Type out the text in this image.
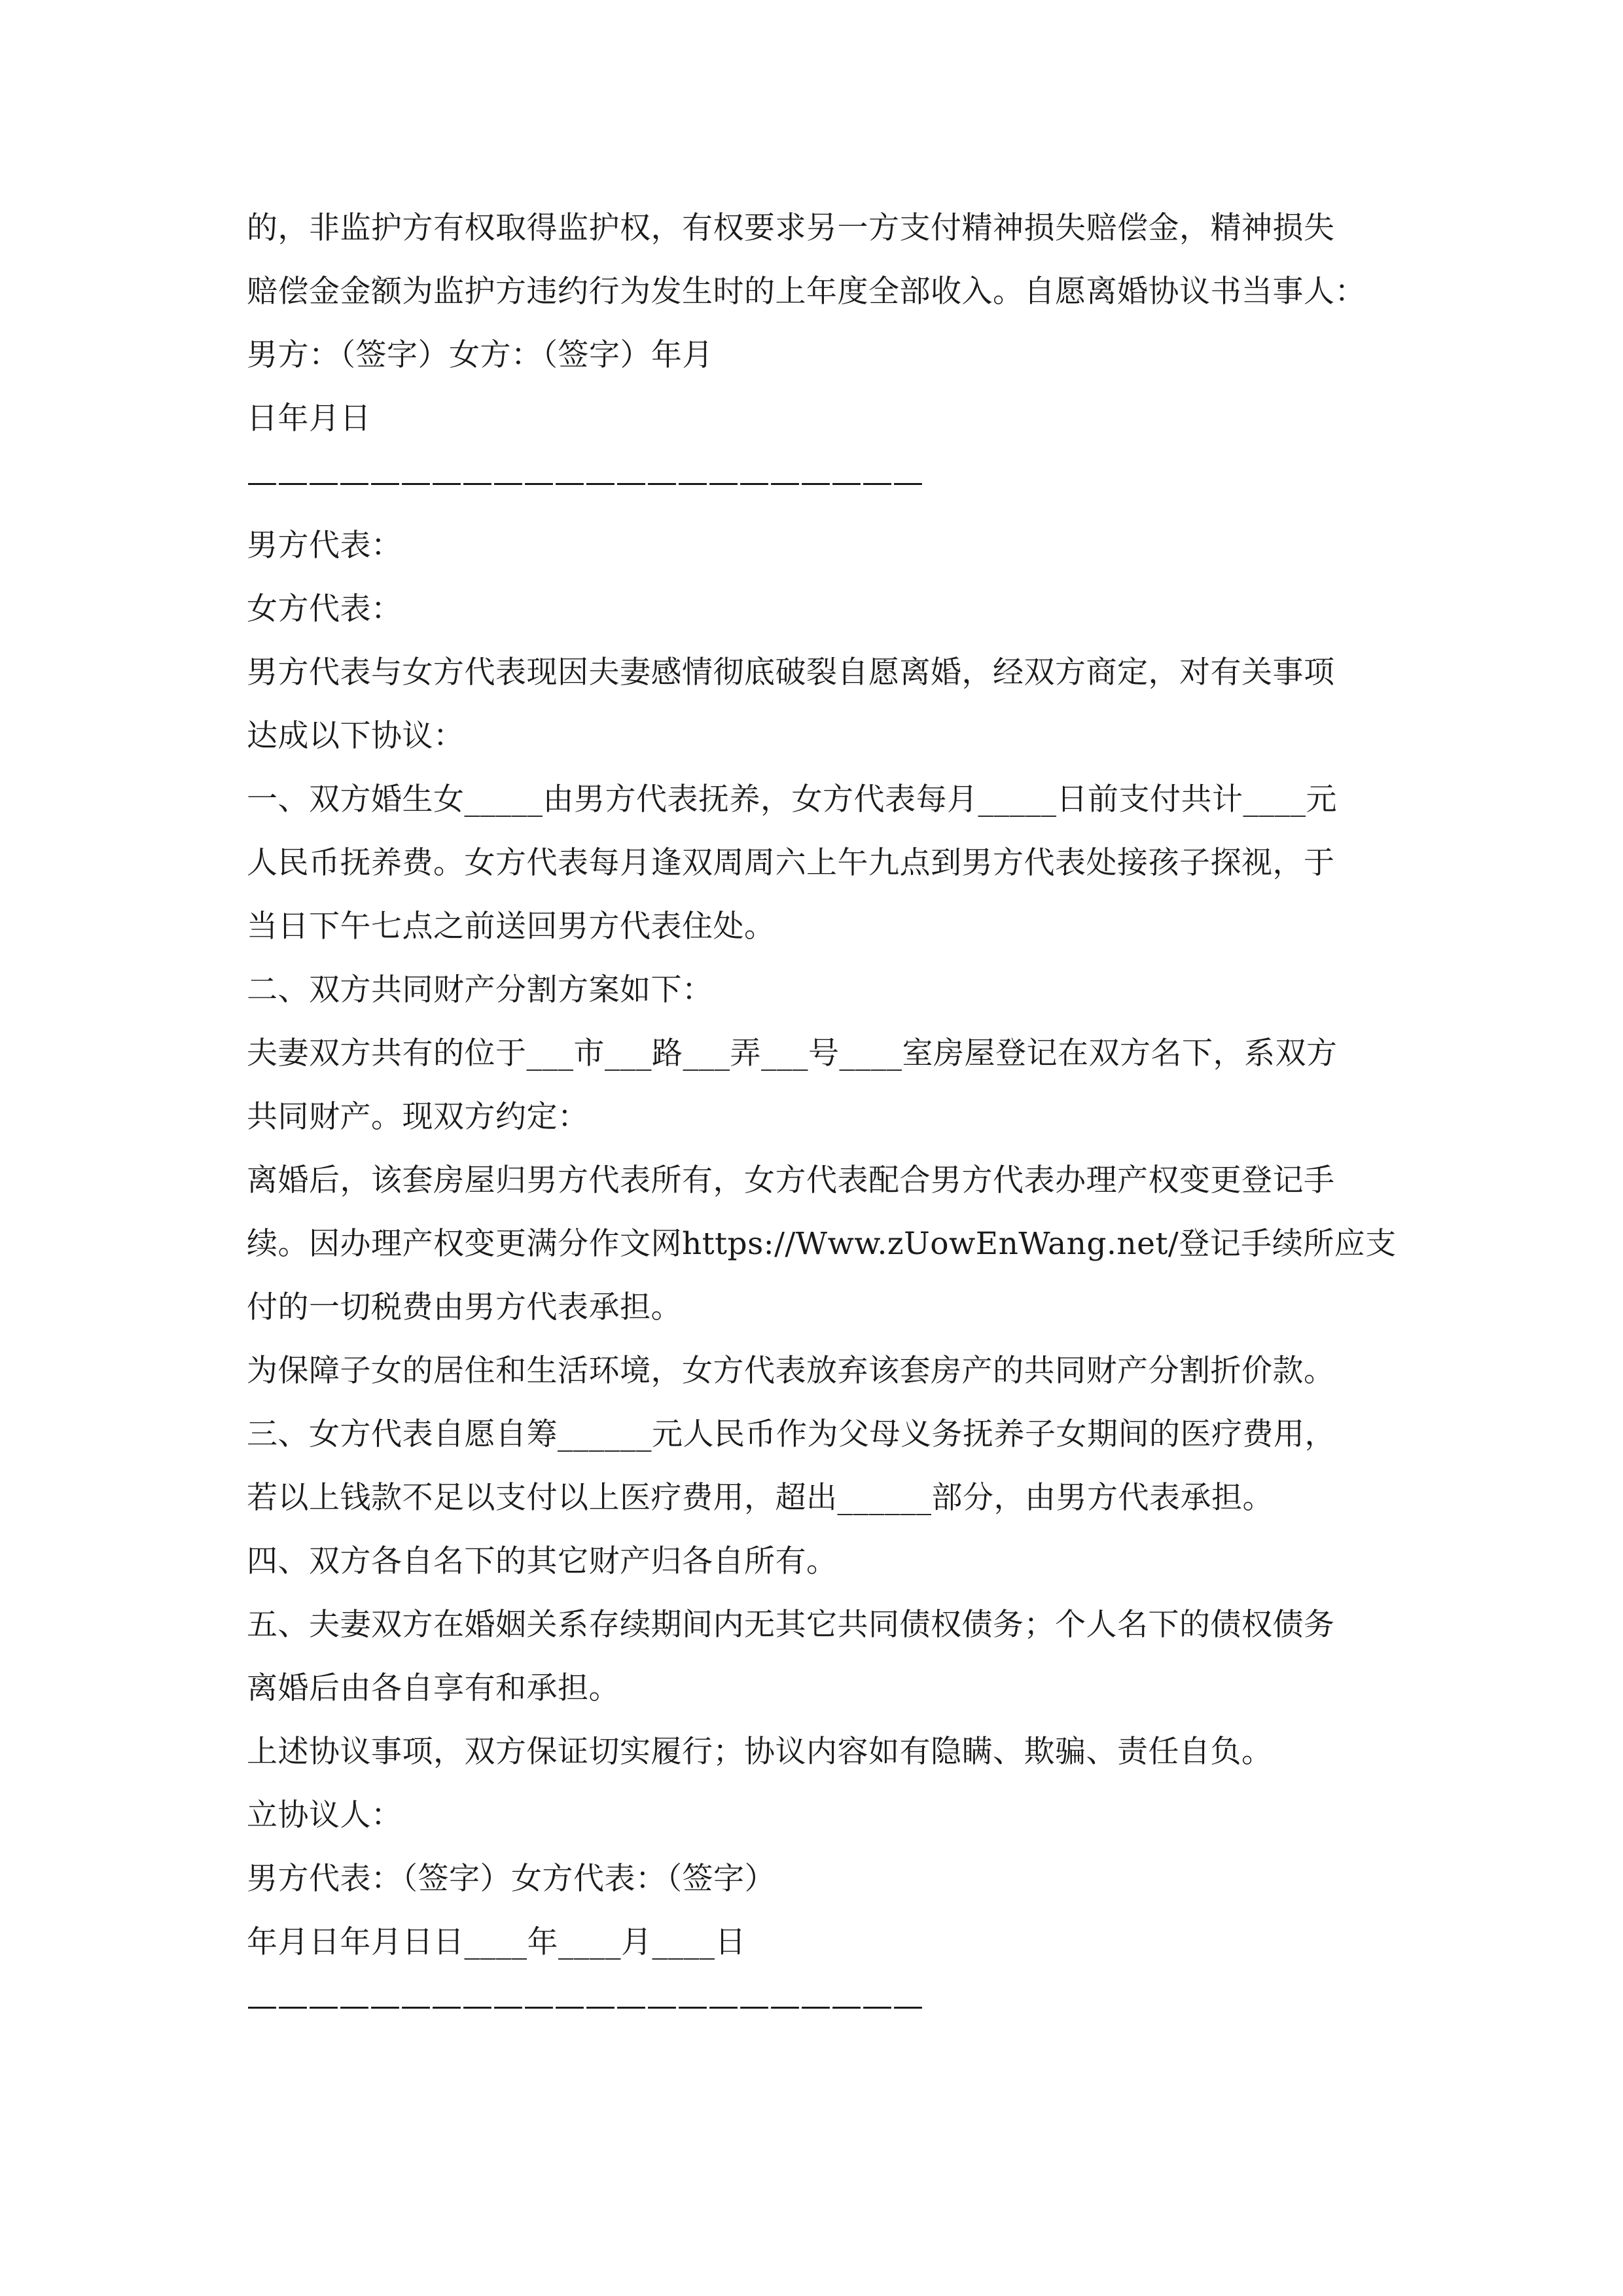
的，非监护方有权取得监护权，有权要求另一方支付精神损失赔偿金，精神损失
赔偿金金额为监护方违约行为发生时的上年度全部收入。自愿离婚协议书当事人：
男方：（签字）女方：（签字）年月
日年月日
——————————————————————
男方代表：
女方代表：
男方代表与女方代表现因夫妻感情彻底破裂自愿离婚，经双方商定，对有关事项
达成以下协议：
一、双方婚生女_____由男方代表抚养，女方代表每月_____日前支付共计____元
人民币抚养费。女方代表每月逢双周周六上午九点到男方代表处接孩子探视，于
当日下午七点之前送回男方代表住处。
二、双方共同财产分割方案如下：
夫妻双方共有的位于___市___路___弄___号____室房屋登记在双方名下，系双方
共同财产。现双方约定：
离婚后，该套房屋归男方代表所有，女方代表配合男方代表办理产权变更登记手
续。因办理产权变更满分作文网https://Www.zUowEnWang.net/登记手续所应支
付的一切税费由男方代表承担。
为保障子女的居住和生活环境，女方代表放弃该套房产的共同财产分割折价款。
三、女方代表自愿自筹______元人民币作为父母义务抚养子女期间的医疗费用，
若以上钱款不足以支付以上医疗费用，超出______部分，由男方代表承担。
四、双方各自名下的其它财产归各自所有。
五、夫妻双方在婚姻关系存续期间内无其它共同债权债务；个人名下的债权债务
离婚后由各自享有和承担。
上述协议事项，双方保证切实履行；协议内容如有隐瞒、欺骗、责任自负。
立协议人：
男方代表：（签字）女方代表：（签字）
年月日年月日日____年____月____日
——————————————————————
